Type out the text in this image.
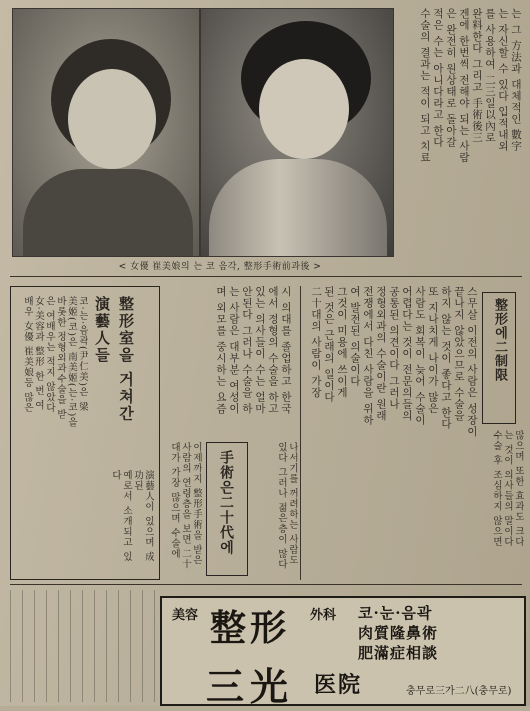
< 女優 崔美娘의 는 코 음각, 整形手術前과後 >
는 그 方法과 대체적인 數字
는 자신할 수 있다 입적내외
를 사용하여 二三일以內로
완料한다 그리고 手術後三
겐에 한번씩 전해야 되는 사람
은 완전히 원상태로 돌아갈
적은 수는 아니다라고 한다
수술의 결과는 적이 되고 치료
整形室을 거쳐간
演藝人들
코·는·음곽(尹仁美)은 梁
美姬(코)은 南美姬(는·코)을
바롯한 정형외과수술을 받
은 여배우는 적지 않았다
女·美容과 整形 한 번 여
배우 女優 崔美娘등 많은
演藝人이 있으며 成功된
예로서 소개되고 있다
시 의대를 졸업하고 한국
에서 정형의 수술을 하고
있는 의사들이 수는 얼마
안된다 그러나 수술을 하
는 사람은 대부분 여성이
며 외모를 중시하는 요즘
手術은二十代에
이제까지 整形手術을 받은
사람의 연령층을 보면 二十
대가 가장 많으며 수술에	나서기를 꺼려하는 사람도
있다 그러나 젊은층이 많다
스무살 이전의 사람은 성장이
끝나지 않았으므로 수술을
하지 않는 것이 좋다고 한다
또 지나치게 나이가 많은
사람도 회복이 늦어 수술이
어렵다는 것이 전문의들의
공통된 의견이다 그러나
정형외과의 수술이란 원래
전쟁에서 다친 사람을 위하
여 발전된 의술이다
그것이 미용에 쓰이게
된 것은 근래의 일이다
二十대의 사람이 가장	整形에二制限
많으며 또한 효과도 크다
는 것이 의사들의 말이다
수술 후 조심하지 않으면
美容 整形 外科 코·눈·음곽
肉質隆鼻術
肥滿症相談
三光 医院	충무로三가二八(충무로)
